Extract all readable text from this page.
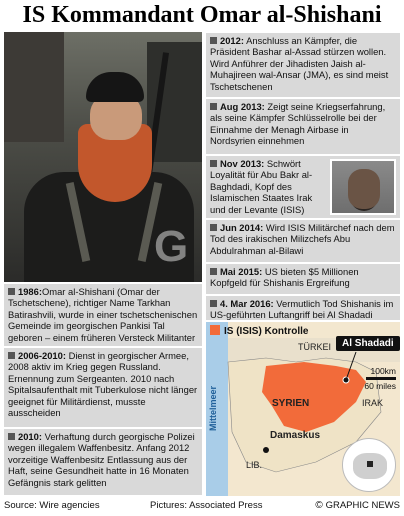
IS Kommandant Omar al-Shishani
G
1986:Omar al-Shishani (Omar der Tschetschene), richtiger Name Tarkhan Batirashvili, wurde in einer tschetschenischen Gemeinde im georgischen Pankisi Tal geboren – einem früheren Versteck Militanter
2006-2010: Dienst in georgischer Armee, 2008 aktiv im Krieg gegen Russland. Ernennung zum Sergeanten. 2010 nach Spitalsaufenthalt mit Tuberkulose nicht länger geeignet für Militärdienst, musste ausscheiden
2010: Verhaftung durch georgische Polizei wegen illegalem Waffenbesitz. Anfang 2012 vorzeitige Waffenbesitz Entlassung aus der Haft, seine Gesundheit hatte in 16 Monaten Gefängnis stark gelitten
2012: Anschluss an Kämpfer, die Präsident Bashar al-Assad stürzen wollen. Wird Anführer der Jihadisten Jaish al-Muhajireen wal-Ansar (JMA), es sind meist Tschetschenen
Aug 2013: Zeigt seine Kriegserfahrung, als seine Kämpfer Schlüsselrolle bei der Einnahme der Menagh Airbase in Nordsyrien einnehmen
Nov 2013: Schwört Loyalität für Abu Bakr al-Baghdadi, Kopf des Islamischen Staates Irak und der Levante (ISIS)
Jun 2014: Wird ISIS Militärchef nach dem Tod des irakischen Milizchefs Abu Abdulrahman al-Bilawi
Mai 2015: US bieten $5 Millionen Kopfgeld für Shishanis Ergreifung
4. Mar 2016: Vermutlich Tod Shishanis im US-geführten Luftangriff bei Al Shadadi
IS (ISIS) Kontrolle
Al Shadadi
TÜRKEI
SYRIEN	IRAK
Damaskus
LIB.
Mittelmeer
100km
60 miles
Source: Wire agencies	Pictures: Associated Press	© GRAPHIC NEWS
